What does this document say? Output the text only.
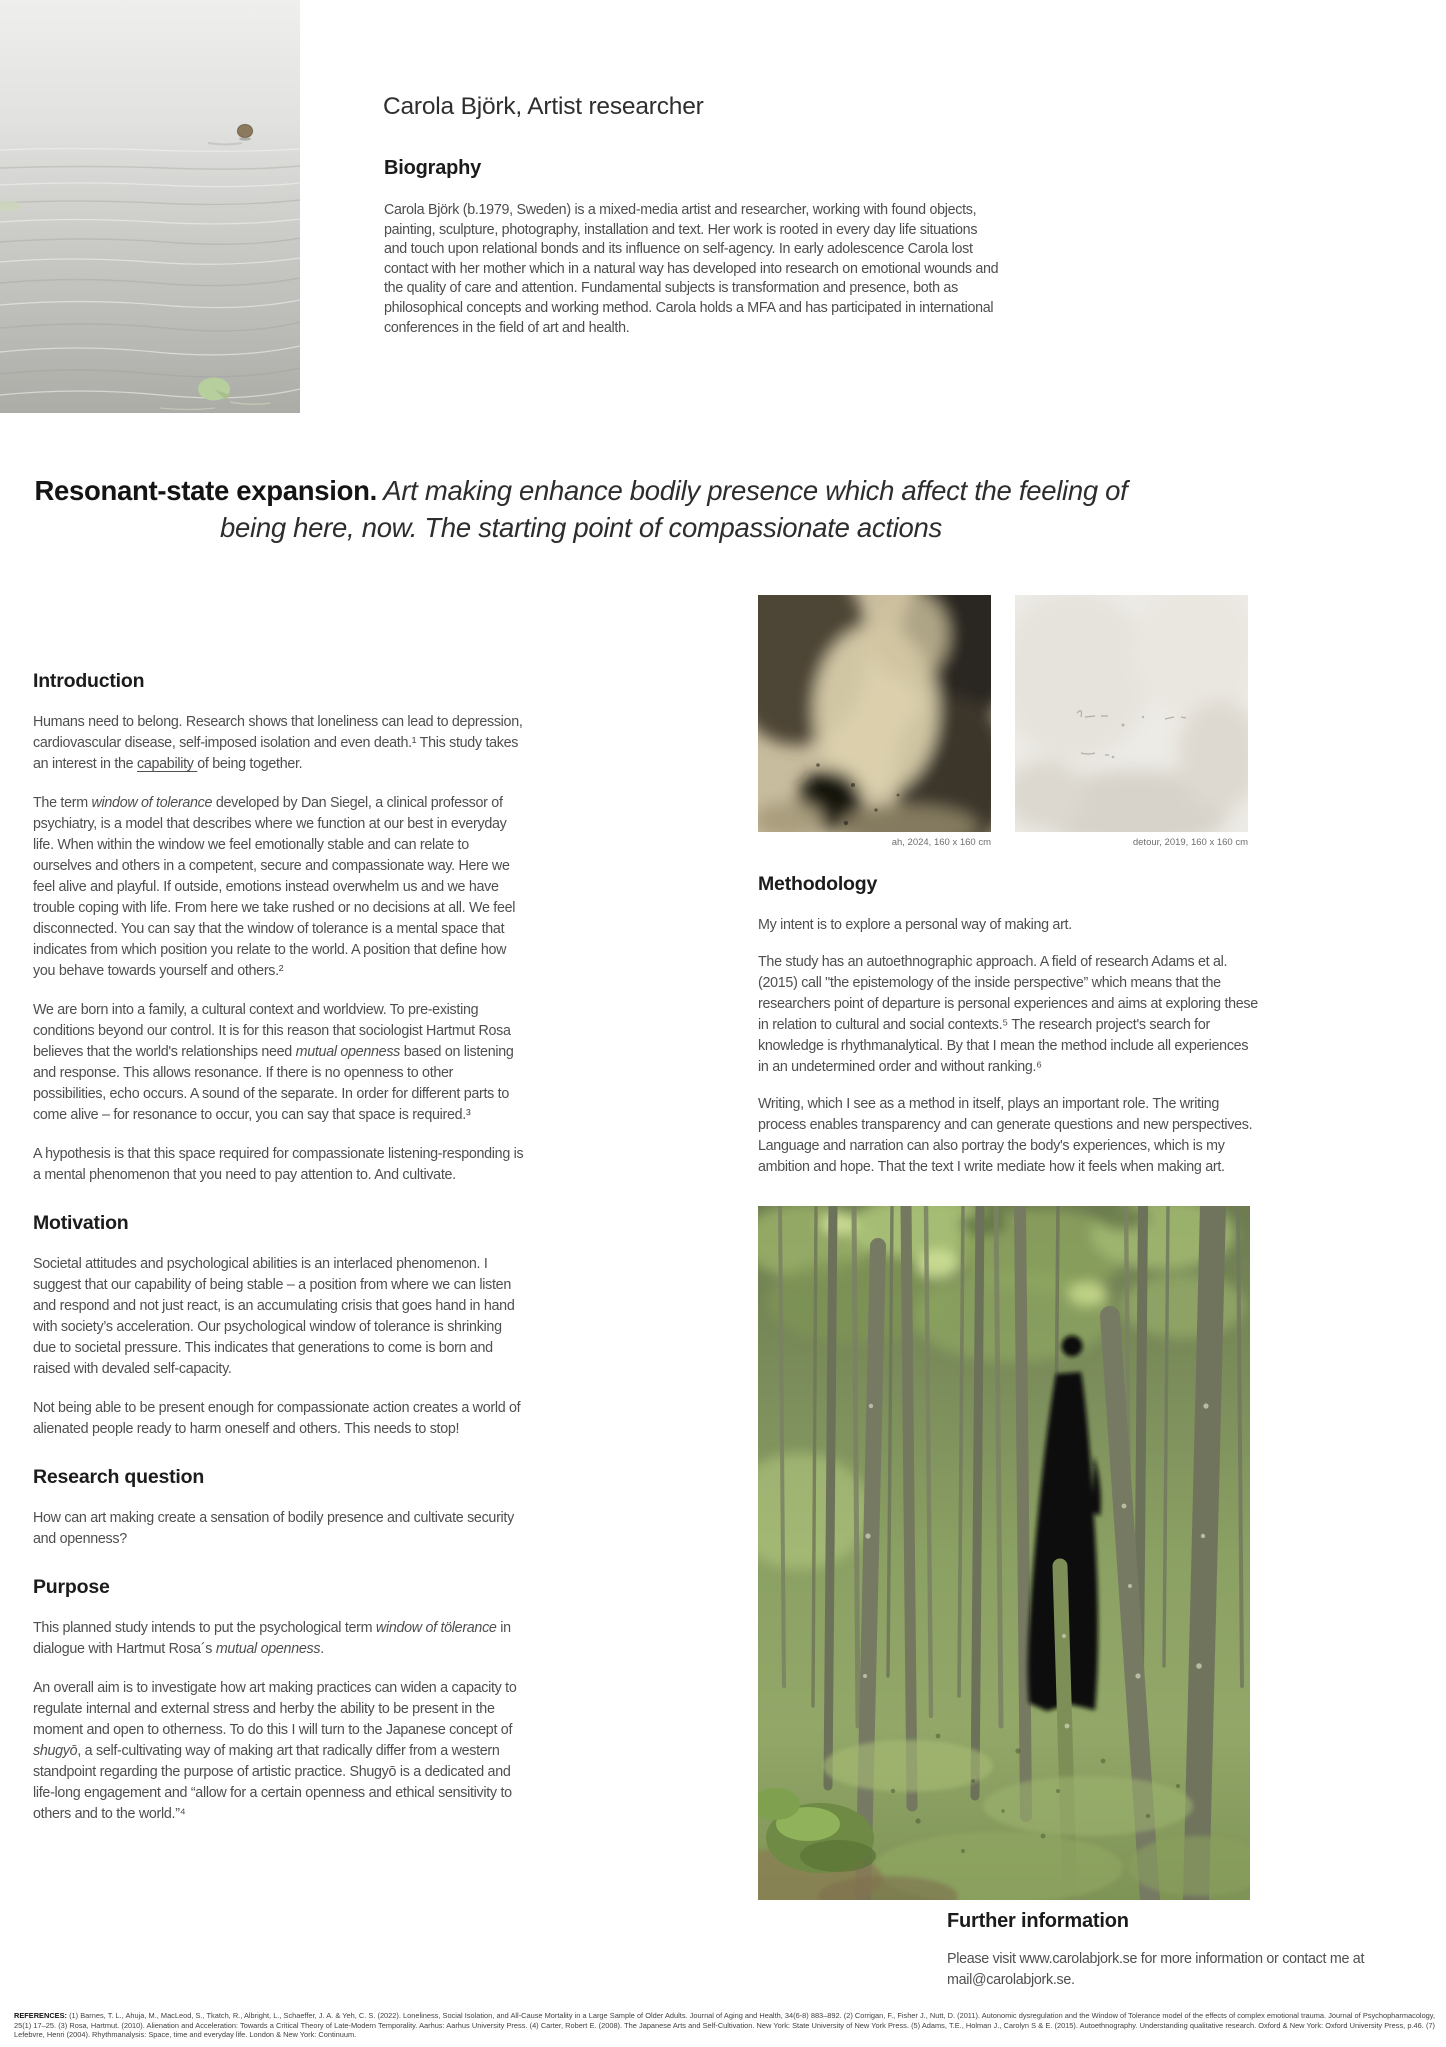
Carola Björk, Artist researcher
Biography
Carola Björk (b.1979, Sweden) is a mixed-media artist and researcher, working with found objects, painting, sculpture, photography, installation and text. Her work is rooted in every day life situations and touch upon relational bonds and its influence on self-agency. In early adolescence Carola lost contact with her mother which in a natural way has developed into research on emotional wounds and the quality of care and attention. Fundamental subjects is transformation and presence, both as philosophical concepts and working method. Carola holds a MFA and has participated in international conferences in the field of art and health.
Resonant-state expansion. Art making enhance bodily presence which affect the feeling of being here, now. The starting point of compassionate actions
Introduction

Humans need to belong. Research shows that loneliness can lead to depression, cardiovascular disease, self-imposed isolation and even death.¹ This study takes an interest in the capability of being together.

The term window of tolerance developed by Dan Siegel, a clinical professor of psychiatry, is a model that describes where we function at our best in everyday life. When within the window we feel emotionally stable and can relate to ourselves and others in a competent, secure and compassionate way. Here we feel alive and playful. If outside, emotions instead overwhelm us and we have trouble coping with life. From here we take rushed or no decisions at all. We feel disconnected. You can say that the window of tolerance is a mental space that indicates from which position you relate to the world. A position that define how you behave towards yourself and others.²

We are born into a family, a cultural context and worldview. To pre-existing conditions beyond our control. It is for this reason that sociologist Hartmut Rosa believes that the world's relationships need mutual openness based on listening and response. This allows resonance. If there is no openness to other possibilities, echo occurs. A sound of the separate. In order for different parts to come alive – for resonance to occur, you can say that space is required.³

A hypothesis is that this space required for compassionate listening-responding is a mental phenomenon that you need to pay attention to. And cultivate.

Motivation

Societal attitudes and psychological abilities is an interlaced phenomenon. I suggest that our capability of being stable – a position from where we can listen and respond and not just react, is an accumulating crisis that goes hand in hand with society’s acceleration. Our psychological window of tolerance is shrinking due to societal pressure. This indicates that generations to come is born and raised with devaled self-capacity.

Not being able to be present enough for compassionate action creates a world of alienated people ready to harm oneself and others. This needs to stop!

Research question

How can art making create a sensation of bodily presence and cultivate security and openness?

Purpose

This planned study intends to put the psychological term window of tölerance in dialogue with Hartmut Rosa´s mutual openness.

An overall aim is to investigate how art making practices can widen a capacity to regulate internal and external stress and herby the ability to be present in the moment and open to otherness. To do this I will turn to the Japanese concept of shugyō, a self-cultivating way of making art that radically differ from a western standpoint regarding the purpose of artistic practice. Shugyō is a dedicated and life-long engagement and “allow for a certain openness and ethical sensitivity to others and to the world.”⁴

ah, 2024, 160 x 160 cm	detour, 2019, 160 x 160 cm
Methodology

My intent is to explore a personal way of making art.

The study has an autoethnographic approach. A field of research Adams et al. (2015) call "the epistemology of the inside perspective” which means that the researchers point of departure is personal experiences and aims at exploring these in relation to cultural and social contexts.⁵ The research project's search for knowledge is rhythmanalytical. By that I mean the method include all experiences in an undetermined order and without ranking.⁶

Writing, which I see as a method in itself, plays an important role. The writing process enables transparency and can generate questions and new perspectives. Language and narration can also portray the body's experiences, which is my ambition and hope. That the text I write mediate how it feels when making art.

Further information
Please visit www.carolabjork.se for more information or contact me at mail@carolabjork.se.
REFERENCES: (1) Barnes, T. L., Ahuja, M., MacLeod, S., Tkatch, R., Albright, L., Schaeffer, J. A. & Yeh, C. S. (2022). Loneliness, Social Isolation, and All-Cause Mortality in a Large Sample of Older Adults. Journal of Aging and Health, 34(6-8) 883–892. (2) Corrigan, F., Fisher J., Nutt, D. (2011). Autonomic dysregulation and the Window of Tolerance model of the effects of complex emotional trauma. Journal of Psychopharmacology, 25(1) 17–25. (3) Rosa, Hartmut. (2010). Alienation and Acceleration: Towards a Critical Theory of Late-Modern Temporality. Aarhus: Aarhus University Press. (4) Carter, Robert E. (2008). The Japanese Arts and Self-Cultivation. New York: State University of New York Press. (5) Adams, T.E., Holman J., Carolyn S & E. (2015). Autoethnography. Understanding qualitative research. Oxford & New York: Oxford University Press, p.46. (7) Lefebvre, Henri (2004). Rhythmanalysis: Space, time and everyday life. London & New York: Continuum.
